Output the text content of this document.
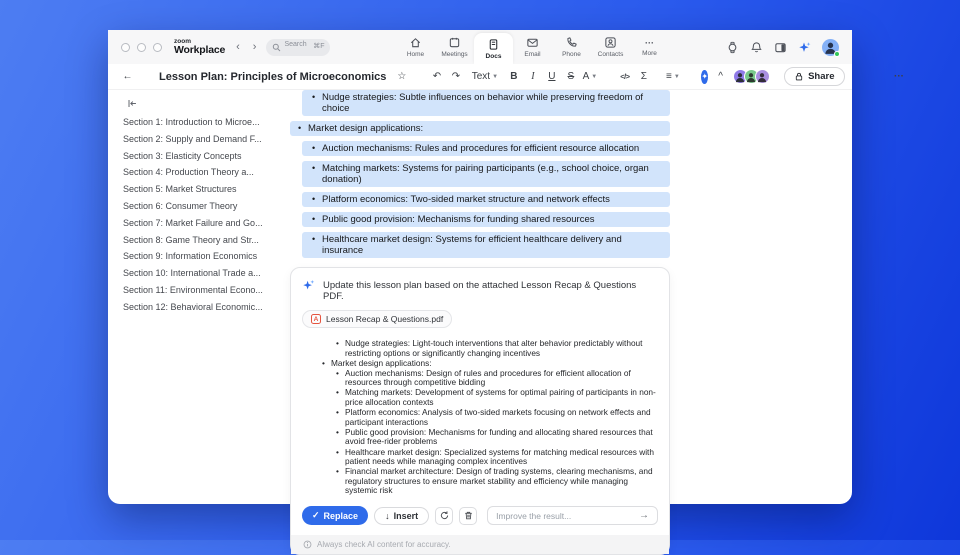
zoom
Workplace ‹ ›	Search ⌘F
Home	Meetings	Docs	Email	Phone	Contacts
···
More
← Lesson Plan: Principles of Microeconomics ☆	↶ ↷ Text ▼ B	I	U	S A ▼	</>	Σ	≡ ▼	✦	^	Share	···
Section 1: Introduction to Microe...
Section 2: Supply and Demand F...
Section 3: Elasticity Concepts
Section 4: Production Theory a...
Section 5: Market Structures
Section 6: Consumer Theory
Section 7: Market Failure and Go...
Section 8: Game Theory and Str...
Section 9: Information Economics
Section 10: International Trade a...
Section 11: Environmental Econo...
Section 12: Behavioral Economic...
• Nudge strategies: Subtle influences on behavior while preserving freedom of choice
• Market design applications:
• Auction mechanisms: Rules and procedures for efficient resource allocation
• Matching markets: Systems for pairing participants (e.g., school choice, organ donation)
• Platform economics: Two-sided market structure and network effects
• Public good provision: Mechanisms for funding shared resources
• Healthcare market design: Systems for efficient healthcare delivery and insurance
Update this lesson plan based on the attached Lesson Recap & Questions PDF.
A Lesson Recap & Questions.pdf
• Nudge strategies: Light-touch interventions that alter behavior predictably without restricting options or significantly changing incentives
• Market design applications:
• Auction mechanisms: Design of rules and procedures for efficient allocation of resources through competitive bidding
• Matching markets: Development of systems for optimal pairing of participants in non-price allocation contexts
• Platform economics: Analysis of two-sided markets focusing on network effects and participant interactions
• Public good provision: Mechanisms for funding and allocating shared resources that avoid free-rider problems
• Healthcare market design: Specialized systems for matching medical resources with patient needs while managing complex incentives
• Financial market architecture: Design of trading systems, clearing mechanisms, and regulatory structures to ensure market stability and efficiency while managing systemic risk
✓ Replace	↓ Insert
Improve the result...	→
Always check AI content for accuracy.
